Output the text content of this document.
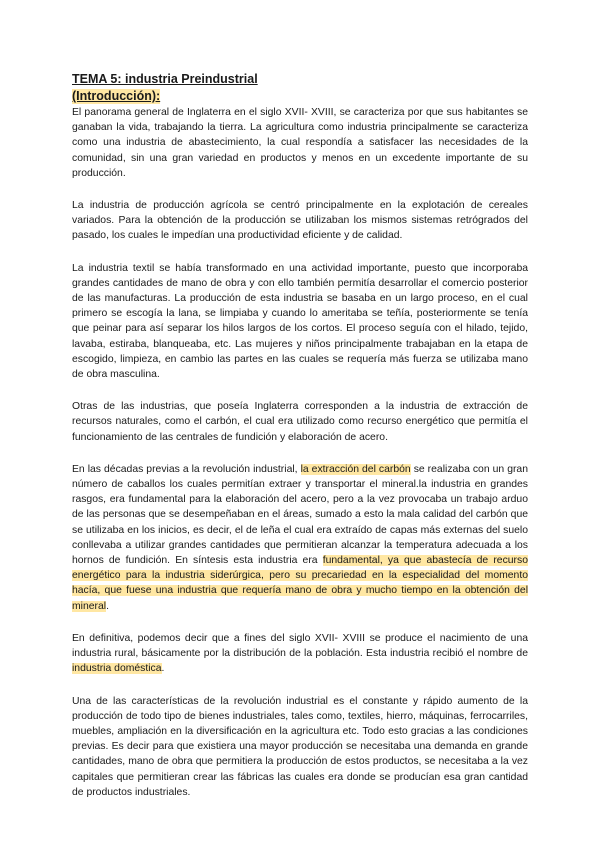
TEMA 5: industria Preindustrial
(Introducción):

El panorama general de Inglaterra en el siglo XVII- XVIII, se caracteriza por que sus habitantes se ganaban la vida, trabajando la tierra. La agricultura como industria principalmente se caracteriza como una industria de abastecimiento, la cual respondía a satisfacer las necesidades de la comunidad, sin una gran variedad en productos y menos en un excedente importante de su producción.

La industria de producción agrícola se centró principalmente en la explotación de cereales variados. Para la obtención de la producción se utilizaban los mismos sistemas retrógrados del pasado, los cuales le impedían una productividad eficiente y de calidad.

La industria textil se había transformado en una actividad importante, puesto que incorporaba grandes cantidades de mano de obra y con ello también permitía desarrollar el comercio posterior de las manufacturas. La producción de esta industria se basaba en un largo proceso, en el cual primero se escogía la lana, se limpiaba y cuando lo ameritaba se teñía, posteriormente se tenía que peinar para así separar los hilos largos de los cortos. El proceso seguía con el hilado, tejido, lavaba, estiraba, blanqueaba, etc. Las mujeres y niños principalmente trabajaban en la etapa de escogido, limpieza, en cambio las partes en las cuales se requería más fuerza se utilizaba mano de obra masculina.

Otras de las industrias, que poseía Inglaterra corresponden a la industria de extracción de recursos naturales, como el carbón, el cual era utilizado como recurso energético que permitía el funcionamiento de las centrales de fundición y elaboración de acero.

En las décadas previas a la revolución industrial, la extracción del carbón se realizaba con un gran número de caballos los cuales permitían extraer y transportar el mineral.la industria en grandes rasgos, era fundamental para la elaboración del acero, pero a la vez provocaba un trabajo arduo de las personas que se desempeñaban en el áreas, sumado a esto la mala calidad del carbón que se utilizaba en los inicios, es decir, el de leña el cual era extraído de capas más externas del suelo conllevaba a utilizar grandes cantidades que permitieran alcanzar la temperatura adecuada a los hornos de fundición. En síntesis esta industria era fundamental, ya que abastecía de recurso energético para la industria siderúrgica, pero su precariedad en la especialidad del momento hacía, que fuese una industria que requería mano de obra y mucho tiempo en la obtención del mineral.

En definitiva, podemos decir que a fines del siglo XVII- XVIII se produce el nacimiento de una industria rural, básicamente por la distribución de la población. Esta industria recibió el nombre de industria doméstica.

Una de las características de la revolución industrial es el constante y rápido aumento de la producción de todo tipo de bienes industriales, tales como, textiles, hierro, máquinas, ferrocarriles, muebles, ampliación en la diversificación en la agricultura etc. Todo esto gracias a las condiciones previas. Es decir para que existiera una mayor producción se necesitaba una demanda en grande cantidades, mano de obra que permitiera la producción de estos productos, se necesitaba a la vez capitales que permitieran crear las fábricas las cuales era donde se producían esa gran cantidad de productos industriales.
